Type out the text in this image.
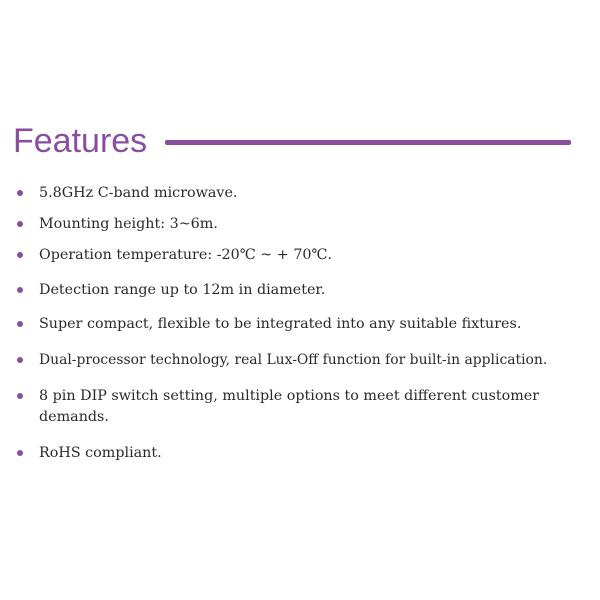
Features
5.8GHz C-band microwave.
Mounting height: 3~6m.
Operation temperature: -20℃ ~ + 70℃.
Detection range up to 12m in diameter.
Super compact, flexible to be integrated into any suitable fixtures.
Dual-processor technology, real Lux-Off function for built-in application.
8 pin DIP switch setting, multiple options to meet different customer demands.
RoHS compliant.
